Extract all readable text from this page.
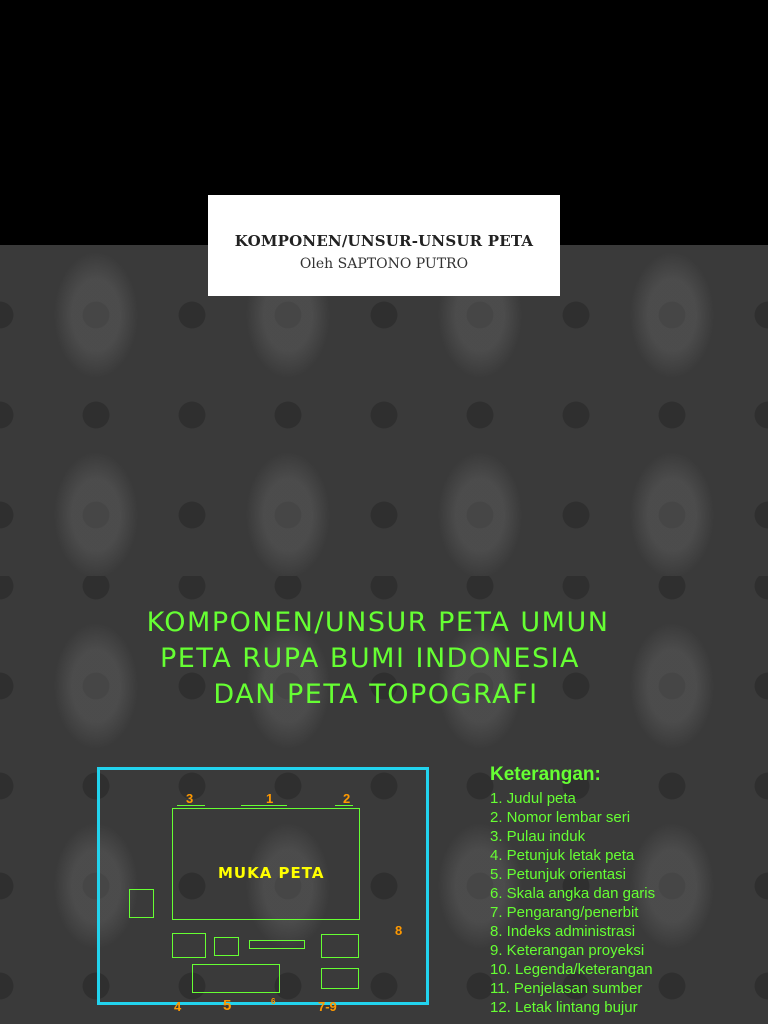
KOMPONEN/UNSUR-UNSUR PETA
Oleh SAPTONO PUTRO
KOMPONEN/UNSUR PETA UMUN
PETA RUPA BUMI INDONESIA
DAN PETA TOPOGRAFI
3	1	2
MUKA PETA
4	5	6	7-9
8
Keterangan:
1. Judul peta
2. Nomor lembar seri
3. Pulau induk
4. Petunjuk letak peta
5. Petunjuk orientasi
6. Skala angka dan garis
7. Pengarang/penerbit
8. Indeks administrasi
9. Keterangan proyeksi
10. Legenda/keterangan
11. Penjelasan sumber
12. Letak lintang bujur
